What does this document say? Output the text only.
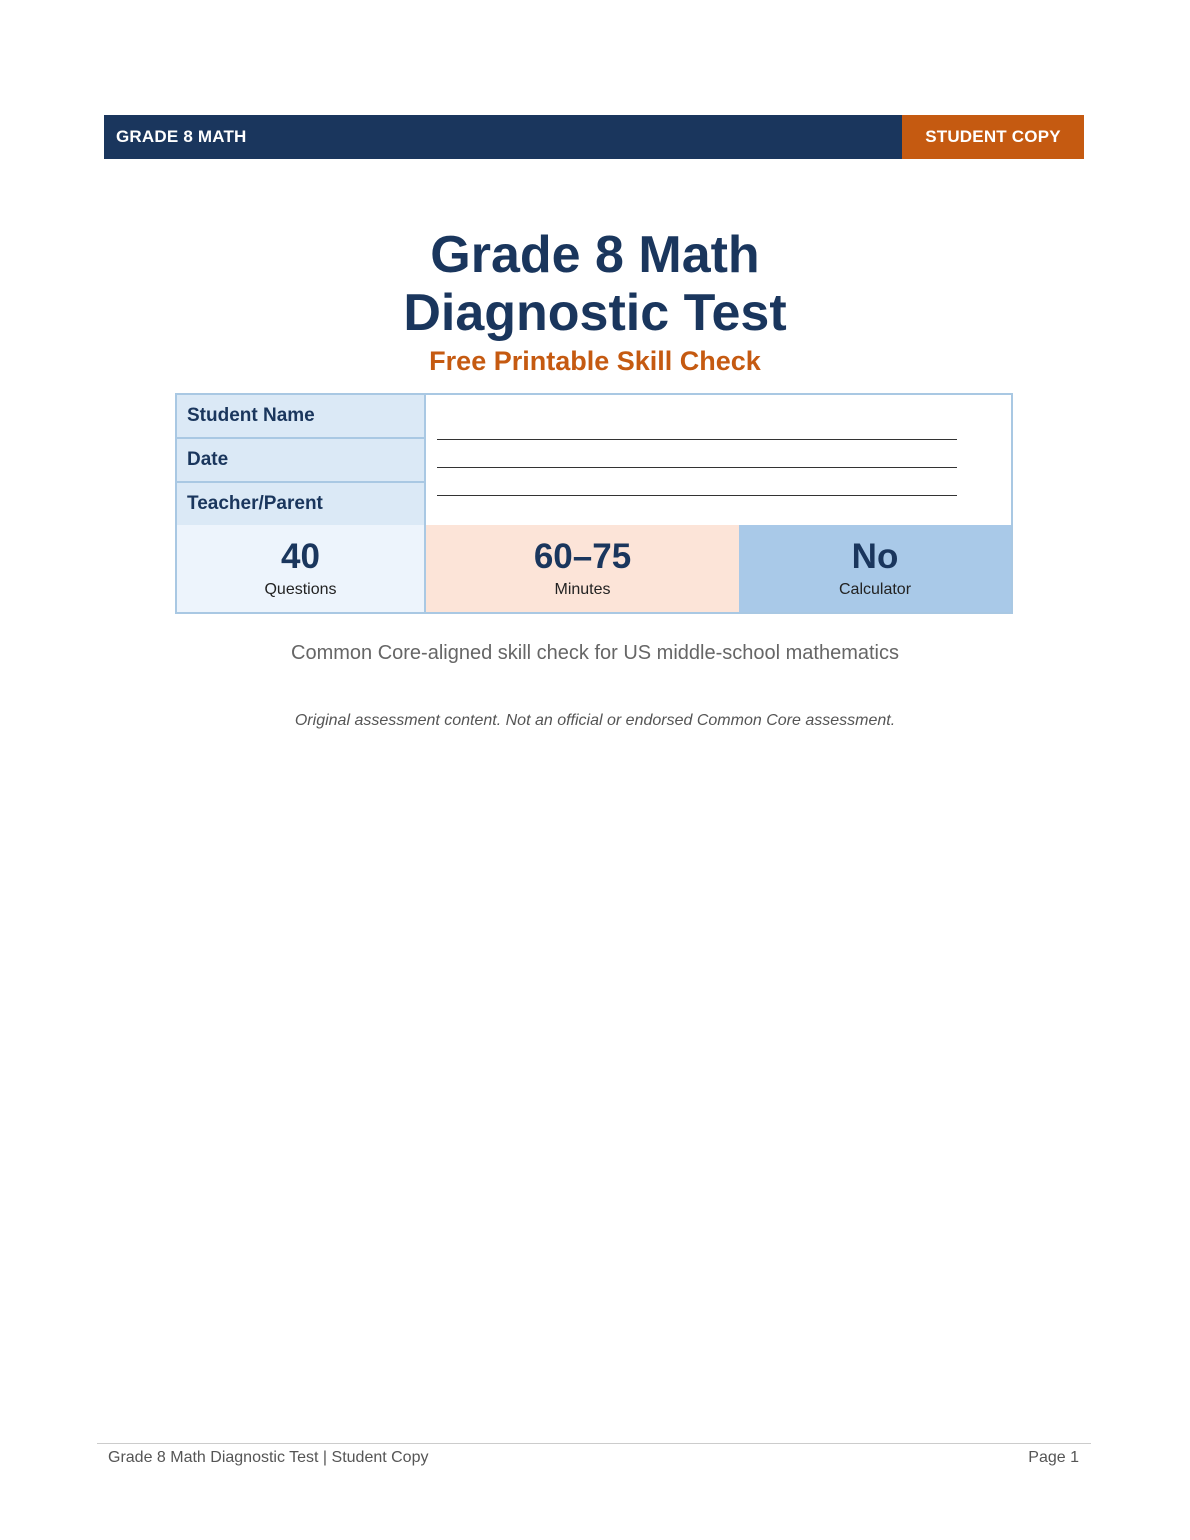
GRADE 8 MATH	STUDENT COPY
Grade 8 Math
Diagnostic Test
Free Printable Skill Check
Student Name
Date
Teacher/Parent
40
Questions
60–75
Minutes
No
Calculator
Common Core-aligned skill check for US middle-school mathematics
Original assessment content. Not an official or endorsed Common Core assessment.
Grade 8 Math Diagnostic Test | Student Copy	Page 1
